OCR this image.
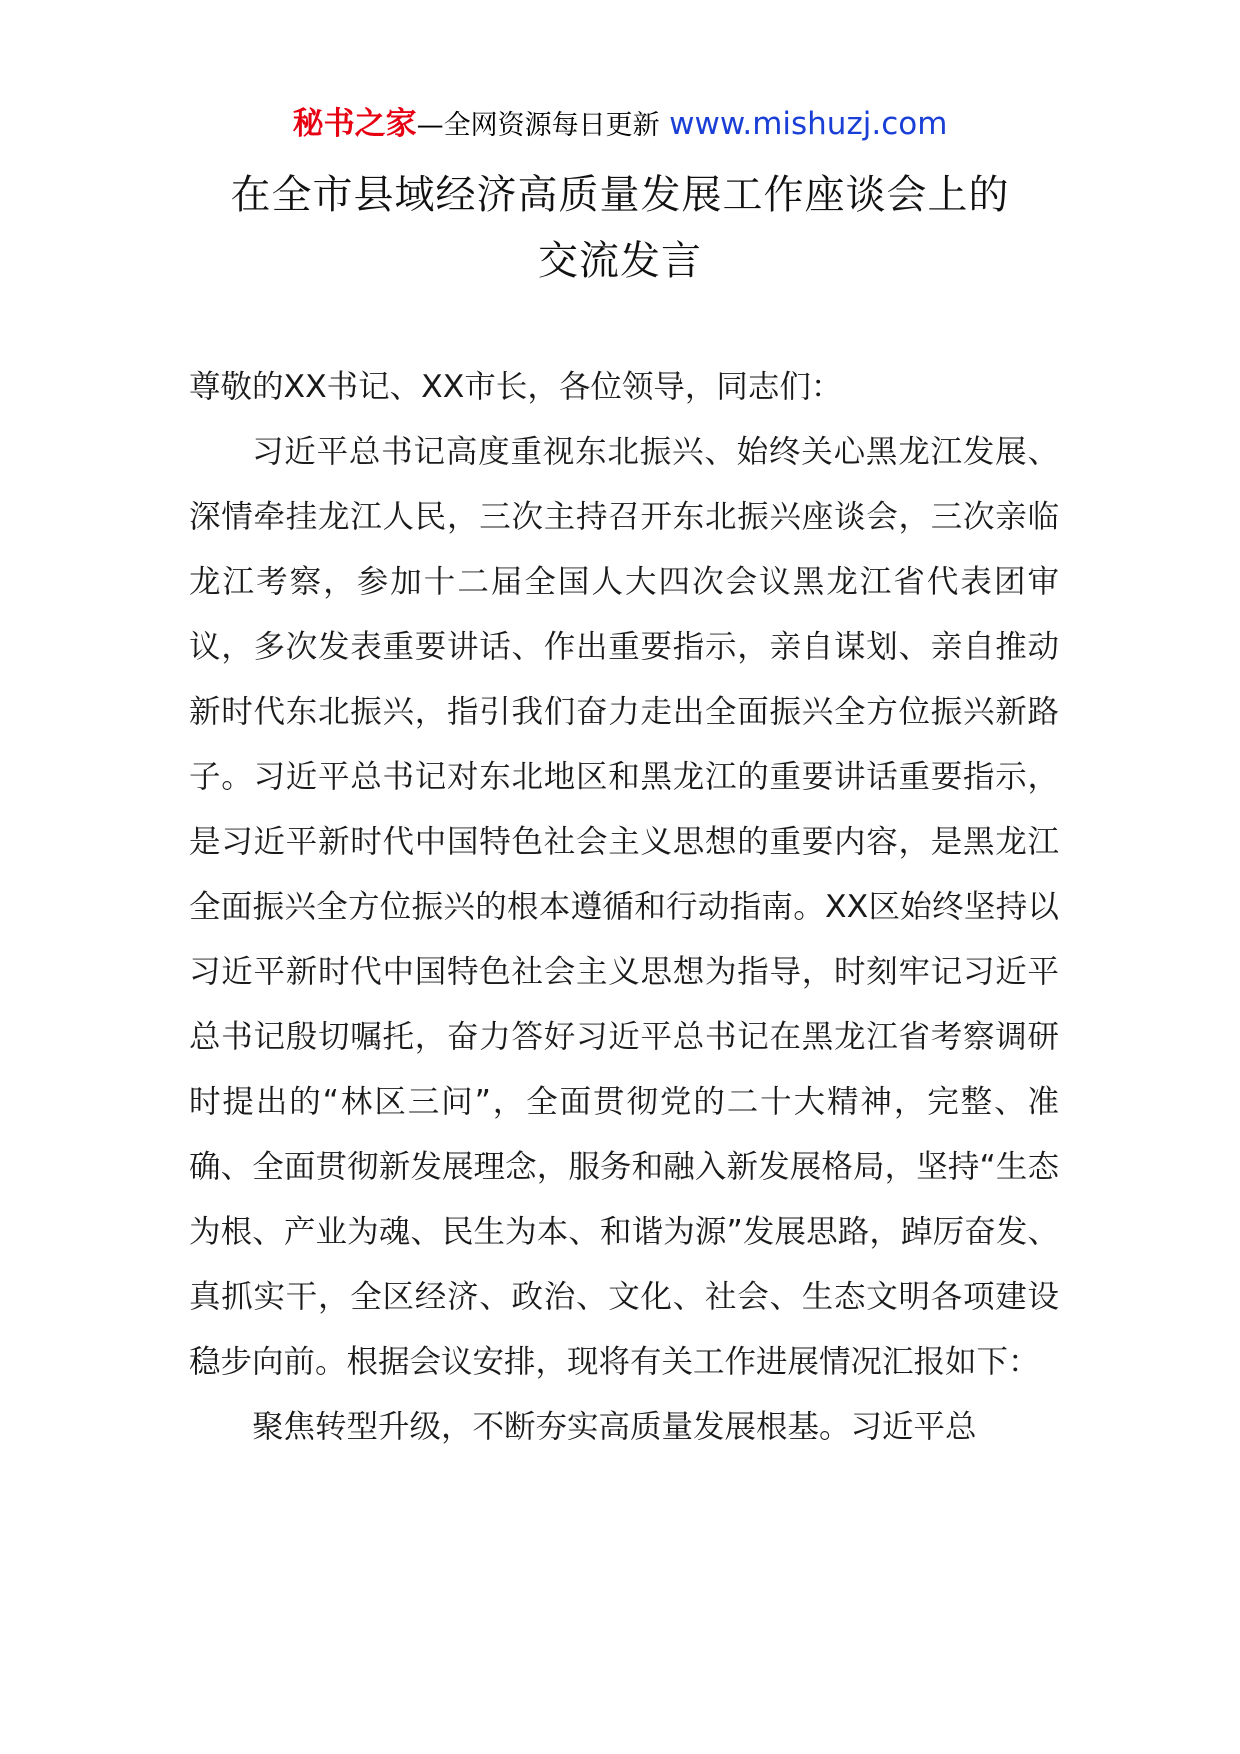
秘书之家—全网资源每日更新 www.mishuzj.com
在全市县域经济高质量发展工作座谈会上的
交流发言

尊敬的XX书记、XX市长，各位领导，同志们：

习近平总书记高度重视东北振兴、始终关心黑龙江发展、深情牵挂龙江人民，三次主持召开东北振兴座谈会，三次亲临龙江考察，参加十二届全国人大四次会议黑龙江省代表团审议，多次发表重要讲话、作出重要指示，亲自谋划、亲自推动新时代东北振兴，指引我们奋力走出全面振兴全方位振兴新路子。习近平总书记对东北地区和黑龙江的重要讲话重要指示，是习近平新时代中国特色社会主义思想的重要内容，是黑龙江全面振兴全方位振兴的根本遵循和行动指南。XX区始终坚持以习近平新时代中国特色社会主义思想为指导，时刻牢记习近平总书记殷切嘱托，奋力答好习近平总书记在黑龙江省考察调研时提出的“林区三问”，全面贯彻党的二十大精神，完整、准确、全面贯彻新发展理念，服务和融入新发展格局，坚持“生态为根、产业为魂、民生为本、和谐为源”发展思路，踔厉奋发、真抓实干，全区经济、政治、文化、社会、生态文明各项建设稳步向前。根据会议安排，现将有关工作进展情况汇报如下：

聚焦转型升级，不断夯实高质量发展根基。习近平总
